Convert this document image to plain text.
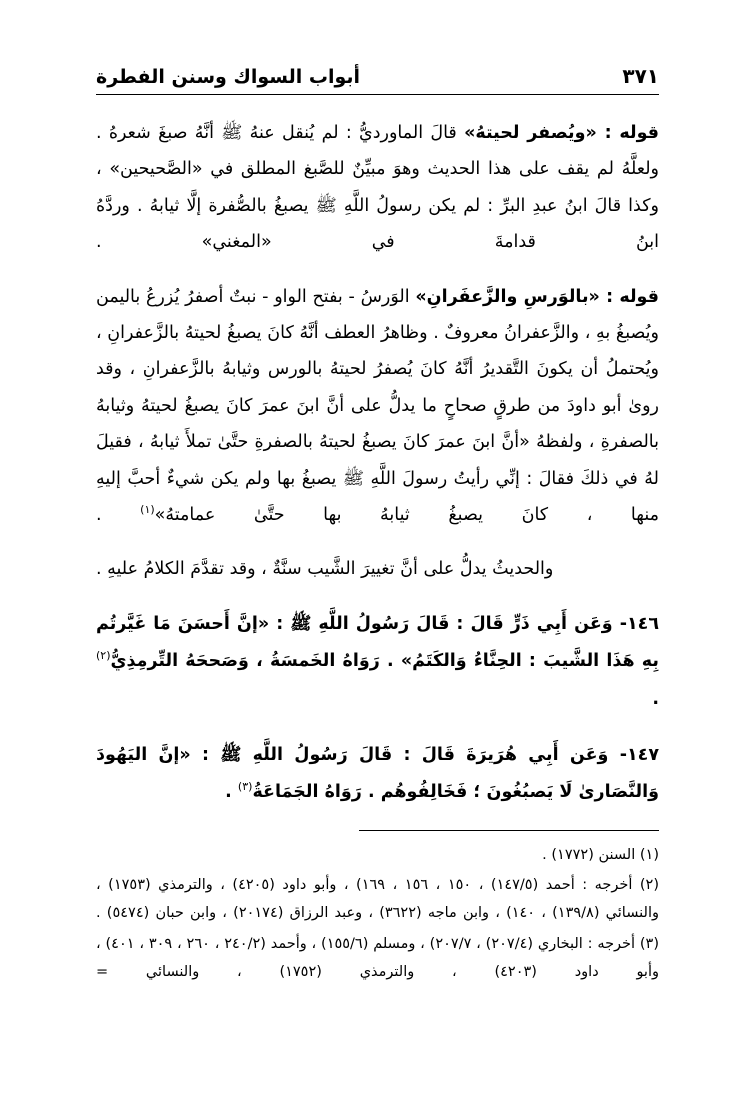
أبواب السواك وسنن الفطرة	٣٧١

قوله : «ويُصفر لحيتهُ» قالَ الماورديُّ : لم يُنقل عنهُ ﷺ أنَّهُ صبغَ شعرهُ . ولعلَّهُ لم يقف على هذا الحديث وهوَ مبيِّنٌ للصَّبغ المطلق في «الصَّحيحين» ، وكذا قالَ ابنُ عبدِ البرِّ : لم يكن رسولُ اللَّهِ ﷺ يصبغُ بالصُّفرة إلَّا ثيابهُ . وردَّهُ ابنُ قدامةَ في «المغني» .

قوله : «بالوَرسِ والزَّعفَرانِ» الوَرسُ - بفتح الواو - نبتٌ أصفرُ يُزرعُ باليمن ويُصبغُ بهِ ، والزَّعفرانُ معروفٌ . وظاهرُ العطف أنَّهُ كانَ يصبغُ لحيتهُ بالزَّعفرانِ ، ويُحتملُ أن يكونَ التَّقديرُ أنَّهُ كانَ يُصفرُ لحيتهُ بالورس وثيابهُ بالزَّعفرانِ ، وقد روىٰ أبو داودَ من طرقٍ صحاحٍ ما يدلُّ على أنَّ ابنَ عمرَ كانَ يصبغُ لحيتهُ وثيابهُ بالصفرةِ ، ولفظهُ «أنَّ ابنَ عمرَ كانَ يصبغُ لحيتهُ بالصفرةِ حتَّىٰ تملأَ ثيابهُ ، فقيلَ لهُ في ذلكَ فقالَ : إنِّي رأيتُ رسولَ اللَّهِ ﷺ يصبغُ بها ولم يكن شيءٌ أحبَّ إليهِ منها ، كانَ يصبغُ ثيابهُ بها حتَّىٰ عمامتهُ»$^{(١)}$ .

والحديثُ يدلُّ على أنَّ تغييرَ الشَّيب سنَّةٌ ، وقد تقدَّمَ الكلامُ عليهِ .

١٤٦- وَعَن أَبِي ذَرٍّ قَالَ : قَالَ رَسُولُ اللَّهِ ﷺ : «إنَّ أَحسَنَ مَا غَيَّرتُم بِهِ هَذَا الشَّيبَ : الحِنَّاءُ وَالكَتَمُ» . رَوَاهُ الخَمسَةُ ، وَصَححَهُ التِّرمِذِيُّ$^{(٢)}$ .

١٤٧- وَعَن أَبِي هُرَيرَةَ قَالَ : قَالَ رَسُولُ اللَّهِ ﷺ : «إنَّ اليَهُودَ وَالنَّصَارىٰ لَا يَصبُغُونَ ؛ فَخَالِفُوهُم . رَوَاهُ الجَمَاعَةُ$^{(٣)}$ .

(١) السنن (١٧٧٢) .

(٢) أخرجه : أحمد (١٤٧/٥) ، ١٥٠ ، ١٥٦ ، ١٦٩) ، وأبو داود (٤٢٠٥) ، والترمذي (١٧٥٣) ، والنسائي (١٣٩/٨) ، ١٤٠) ، وابن ماجه (٣٦٢٢) ، وعبد الرزاق (٢٠١٧٤) ، وابن حبان (٥٤٧٤) .

(٣) أخرجه : البخاري (٢٠٧/٤) ، ٢٠٧/٧) ، ومسلم (١٥٥/٦) ، وأحمد (٢٤٠/٢ ، ٢٦٠ ، ٣٠٩ ، ٤٠١) ، وأبو داود (٤٢٠٣) ، والترمذي (١٧٥٢) ، والنسائي =
